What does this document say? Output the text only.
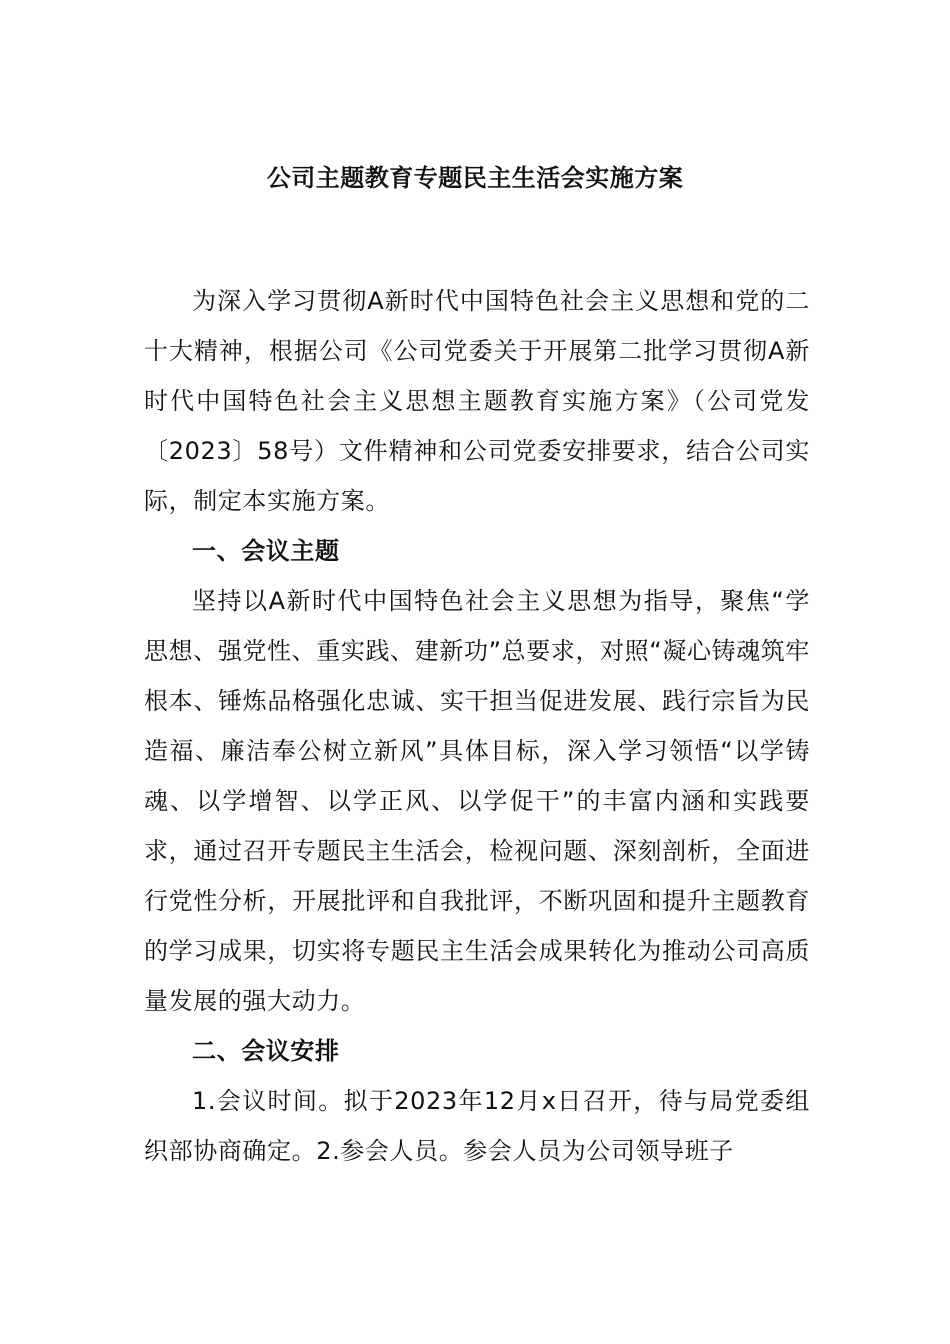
公司主题教育专题民主生活会实施方案

为深入学习贯彻A新时代中国特色社会主义思想和党的二十大精神，根据公司《公司党委关于开展第二批学习贯彻A新时代中国特色社会主义思想主题教育实施方案》（公司党发〔2023〕58号）文件精神和公司党委安排要求，结合公司实际，制定本实施方案。

一、会议主题

坚持以A新时代中国特色社会主义思想为指导，聚焦“学思想、强党性、重实践、建新功”总要求，对照“凝心铸魂筑牢根本、锤炼品格强化忠诚、实干担当促进发展、践行宗旨为民造福、廉洁奉公树立新风”具体目标，深入学习领悟“以学铸魂、以学增智、以学正风、以学促干”的丰富内涵和实践要求，通过召开专题民主生活会，检视问题、深刻剖析，全面进行党性分析，开展批评和自我批评，不断巩固和提升主题教育的学习成果，切实将专题民主生活会成果转化为推动公司高质量发展的强大动力。

二、会议安排

1.会议时间。拟于2023年12月x日召开，待与局党委组织部协商确定。2.参会人员。参会人员为公司领导班子
